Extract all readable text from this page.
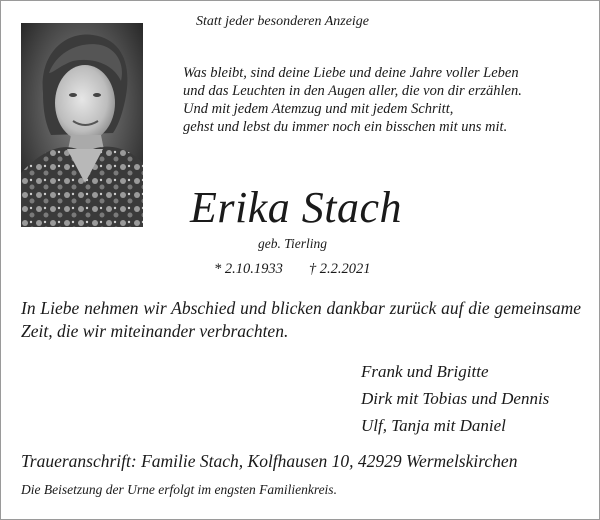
Statt jeder besonderen Anzeige
Was bleibt, sind deine Liebe und deine Jahre voller Leben
und das Leuchten in den Augen aller, die von dir erzählen.
Und mit jedem Atemzug und mit jedem Schritt,
gehst und lebst du immer noch ein bisschen mit uns mit.
Erika Stach
geb. Tierling
* 2.10.1933 † 2.2.2021
In Liebe nehmen wir Abschied und blicken dankbar zurück auf die gemeinsame Zeit, die wir miteinander verbrachten.
Frank und Brigitte
Dirk mit Tobias und Dennis
Ulf, Tanja mit Daniel
Traueranschrift: Familie Stach, Kolfhausen 10, 42929 Wermelskirchen
Die Beisetzung der Urne erfolgt im engsten Familienkreis.
